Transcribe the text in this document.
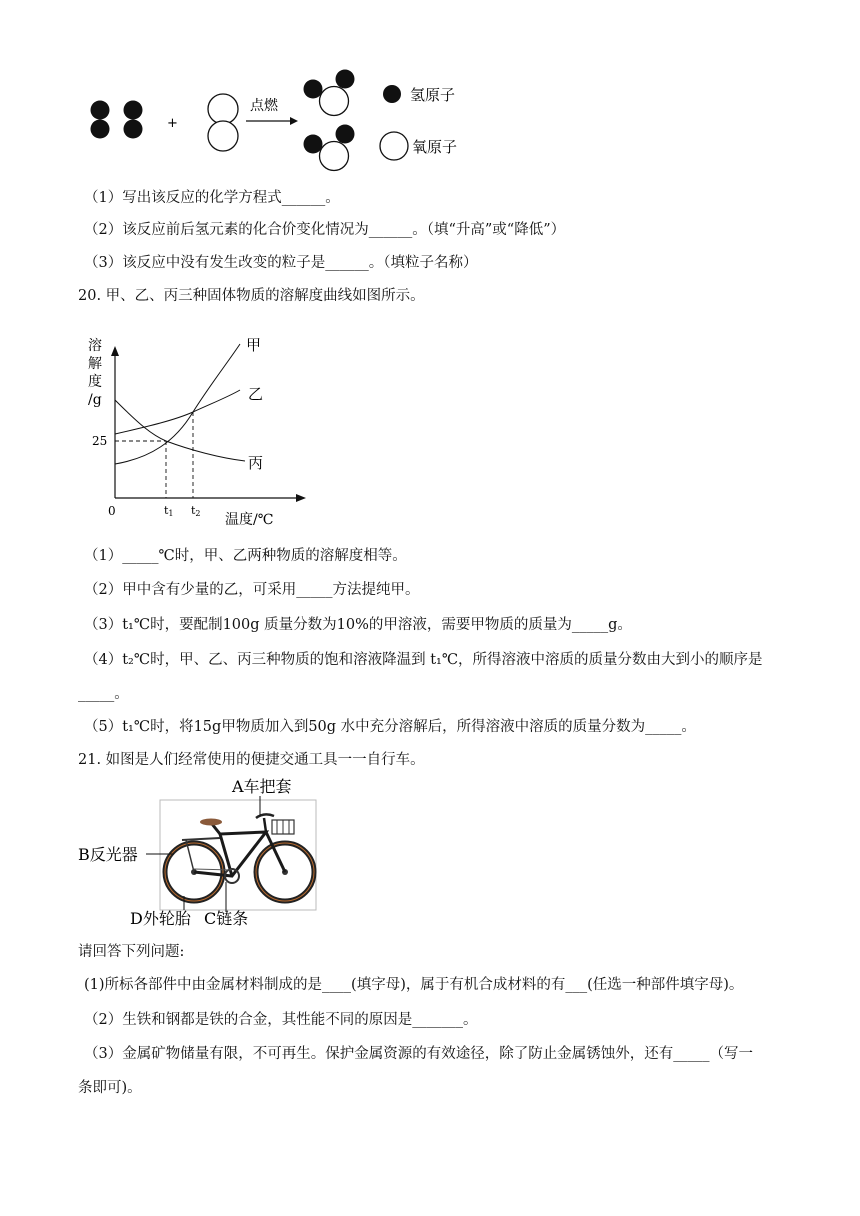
+
点燃
氢原子
氧原子
（1）写出该反应的化学方程式______。
（2）该反应前后氢元素的化合价变化情况为______。（填“升高”或“降低”）
（3）该反应中没有发生改变的粒子是______。（填粒子名称）
20. 甲、乙、丙三种固体物质的溶解度曲线如图所示。
溶
解
度
/g
0
25
t1 t2 温度/℃
甲
乙
丙
（1）_____℃时，甲、乙两种物质的溶解度相等。
（2）甲中含有少量的乙，可采用_____方法提纯甲。
（3）t₁℃时，要配制100g 质量分数为10%的甲溶液，需要甲物质的质量为_____g。
（4）t₂℃时，甲、乙、丙三种物质的饱和溶液降温到 t₁℃，所得溶液中溶质的质量分数由大到小的顺序是
_____。
（5）t₁℃时，将15g甲物质加入到50g 水中充分溶解后，所得溶液中溶质的质量分数为_____。
21. 如图是人们经常使用的便捷交通工具一一自行车。
A车把套
B反光器
D外轮胎 C链条
请回答下列问题:
(1)所标各部件中由金属材料制成的是____(填字母)，属于有机合成材料的有___(任选一种部件填字母)。
（2）生铁和钢都是铁的合金，其性能不同的原因是_______。
（3）金属矿物储量有限，不可再生。保护金属资源的有效途径，除了防止金属锈蚀外，还有_____（写一
条即可)。
